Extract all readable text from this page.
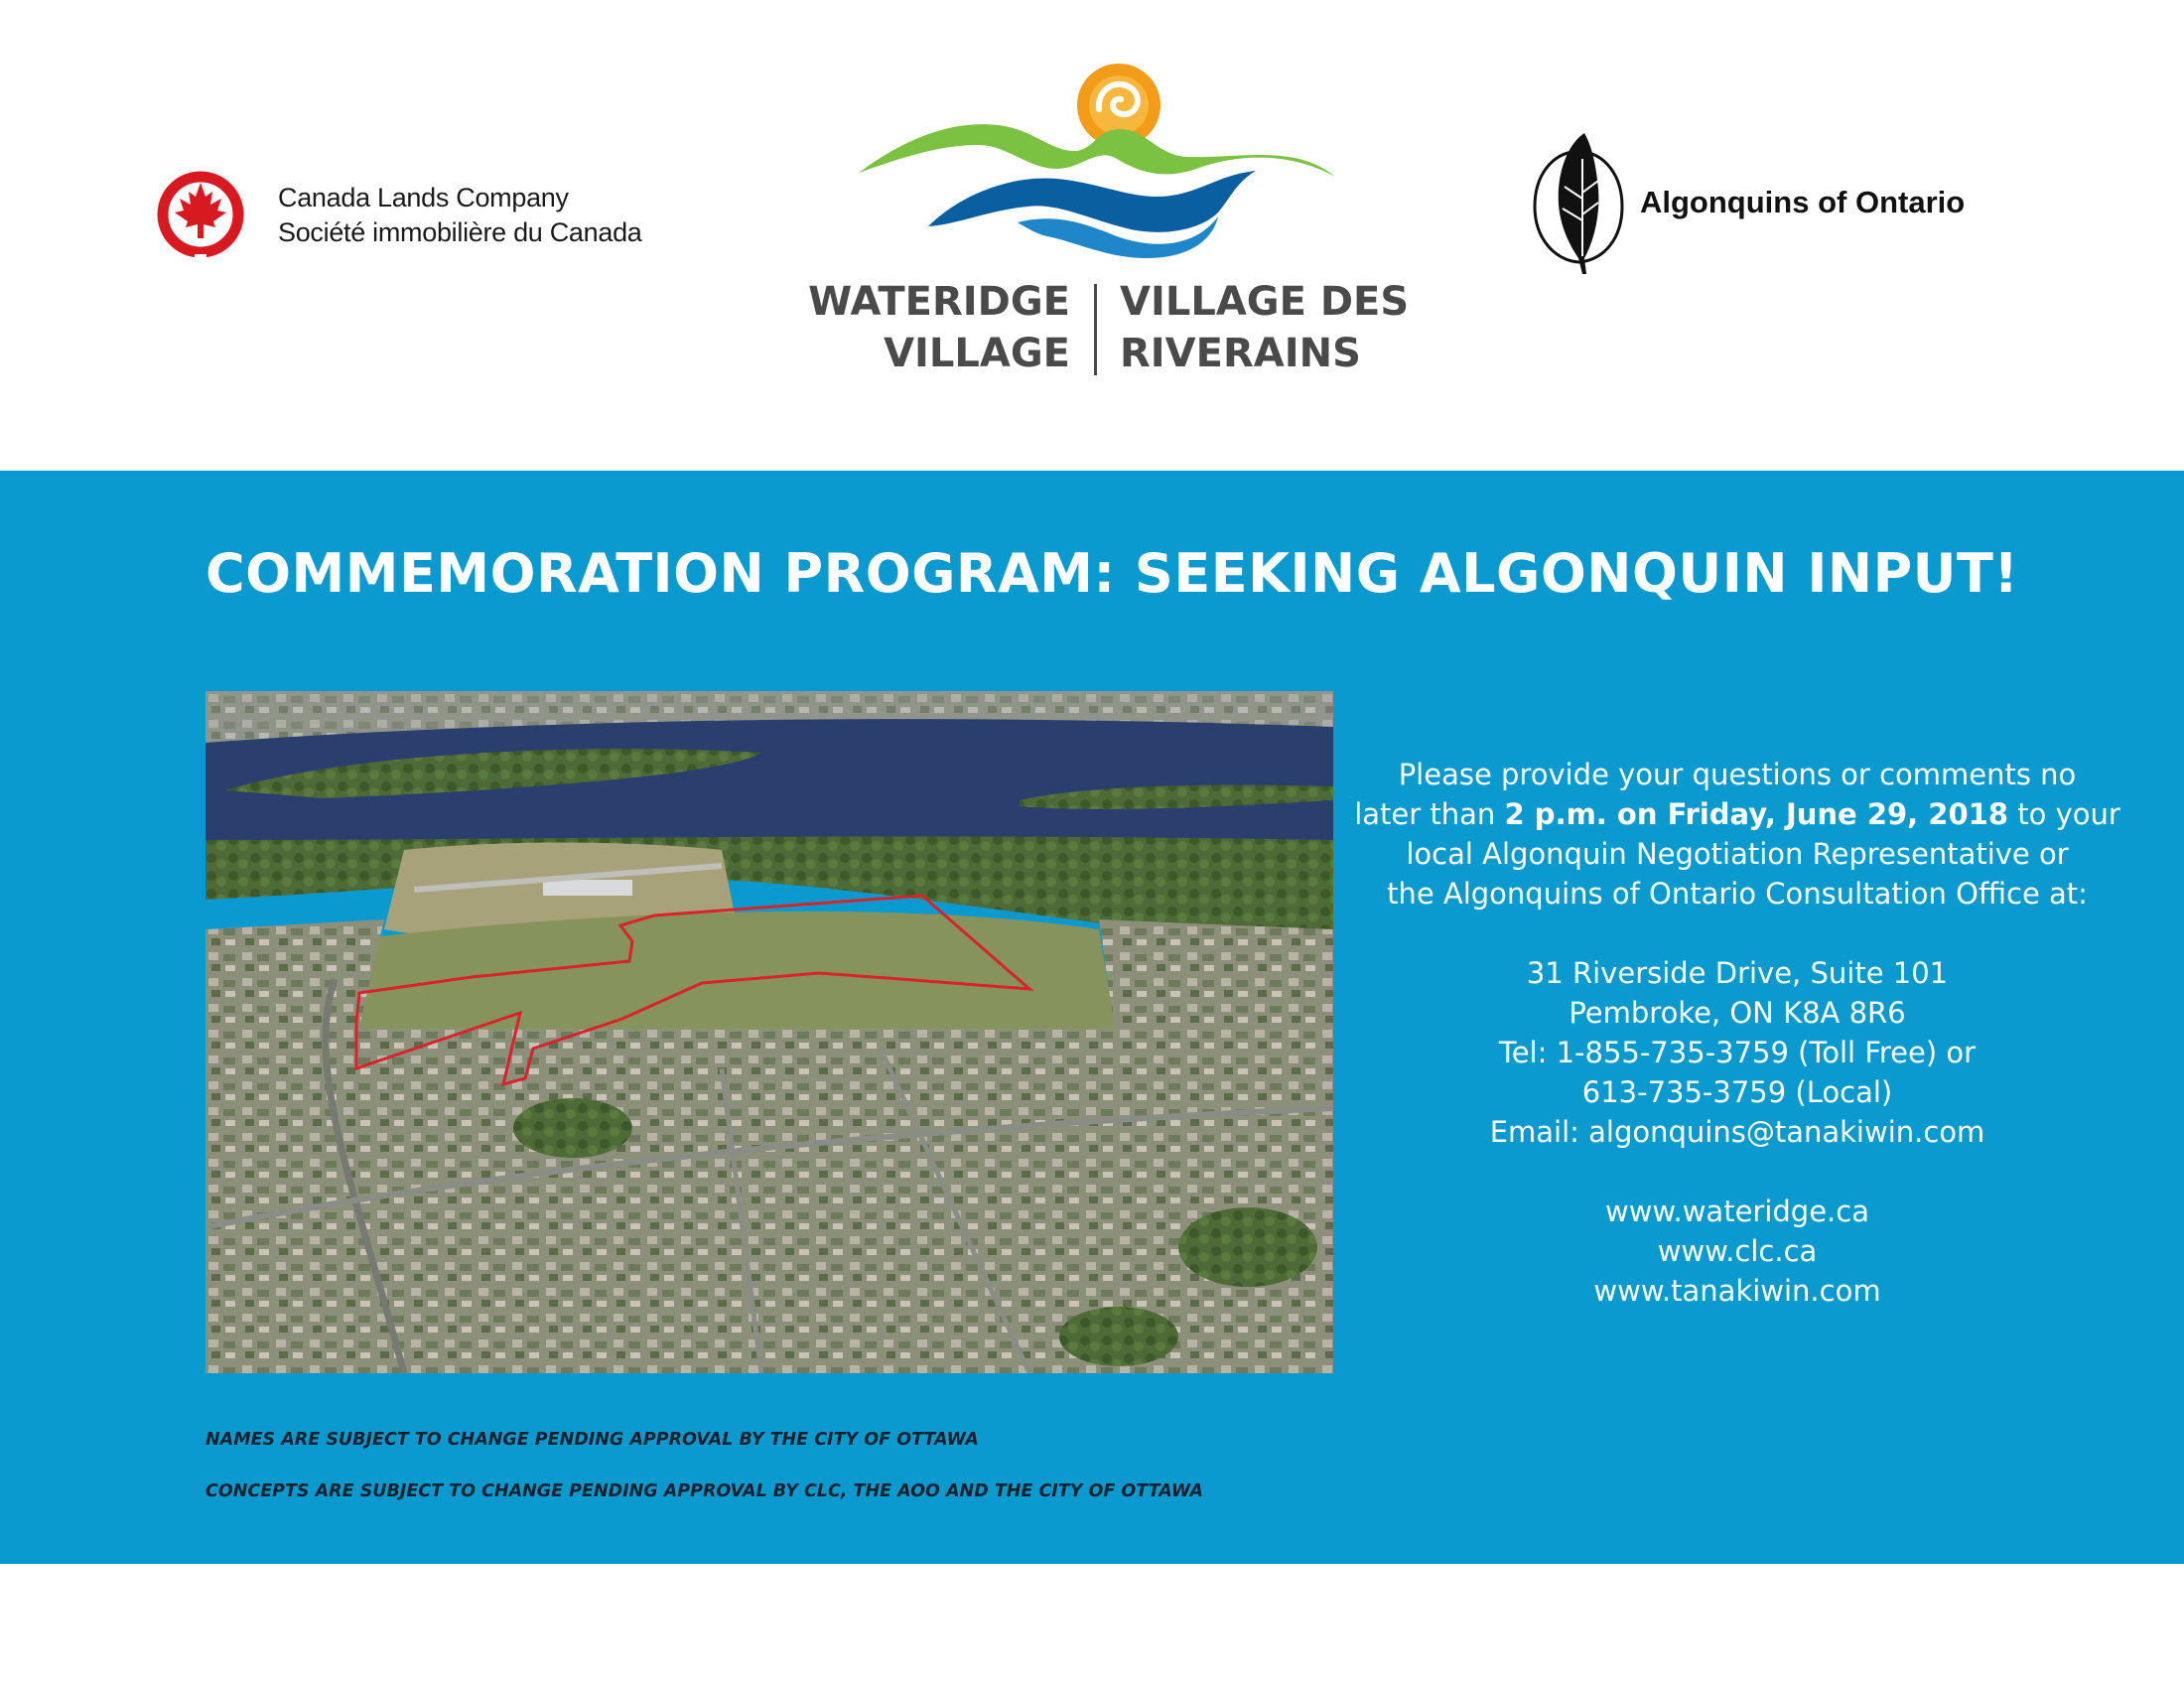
Canada Lands Company
Société immobilière du Canada
WATERIDGE
VILLAGE
VILLAGE DES
RIVERAINS
Algonquins of Ontario
COMMEMORATION PROGRAM: SEEKING ALGONQUIN INPUT!

Please provide your questions or comments no

later than 2 p.m. on Friday, June 29, 2018 to your

local Algonquin Negotiation Representative or

the Algonquins of Ontario Consultation Office at:

31 Riverside Drive, Suite 101

Pembroke, ON K8A 8R6

Tel: 1-855-735-3759 (Toll Free) or

613-735-3759 (Local)

Email: algonquins@tanakiwin.com

www.wateridge.ca

www.clc.ca

www.tanakiwin.com

NAMES ARE SUBJECT TO CHANGE PENDING APPROVAL BY THE CITY OF OTTAWA

CONCEPTS ARE SUBJECT TO CHANGE PENDING APPROVAL BY CLC, THE AOO AND THE CITY OF OTTAWA
